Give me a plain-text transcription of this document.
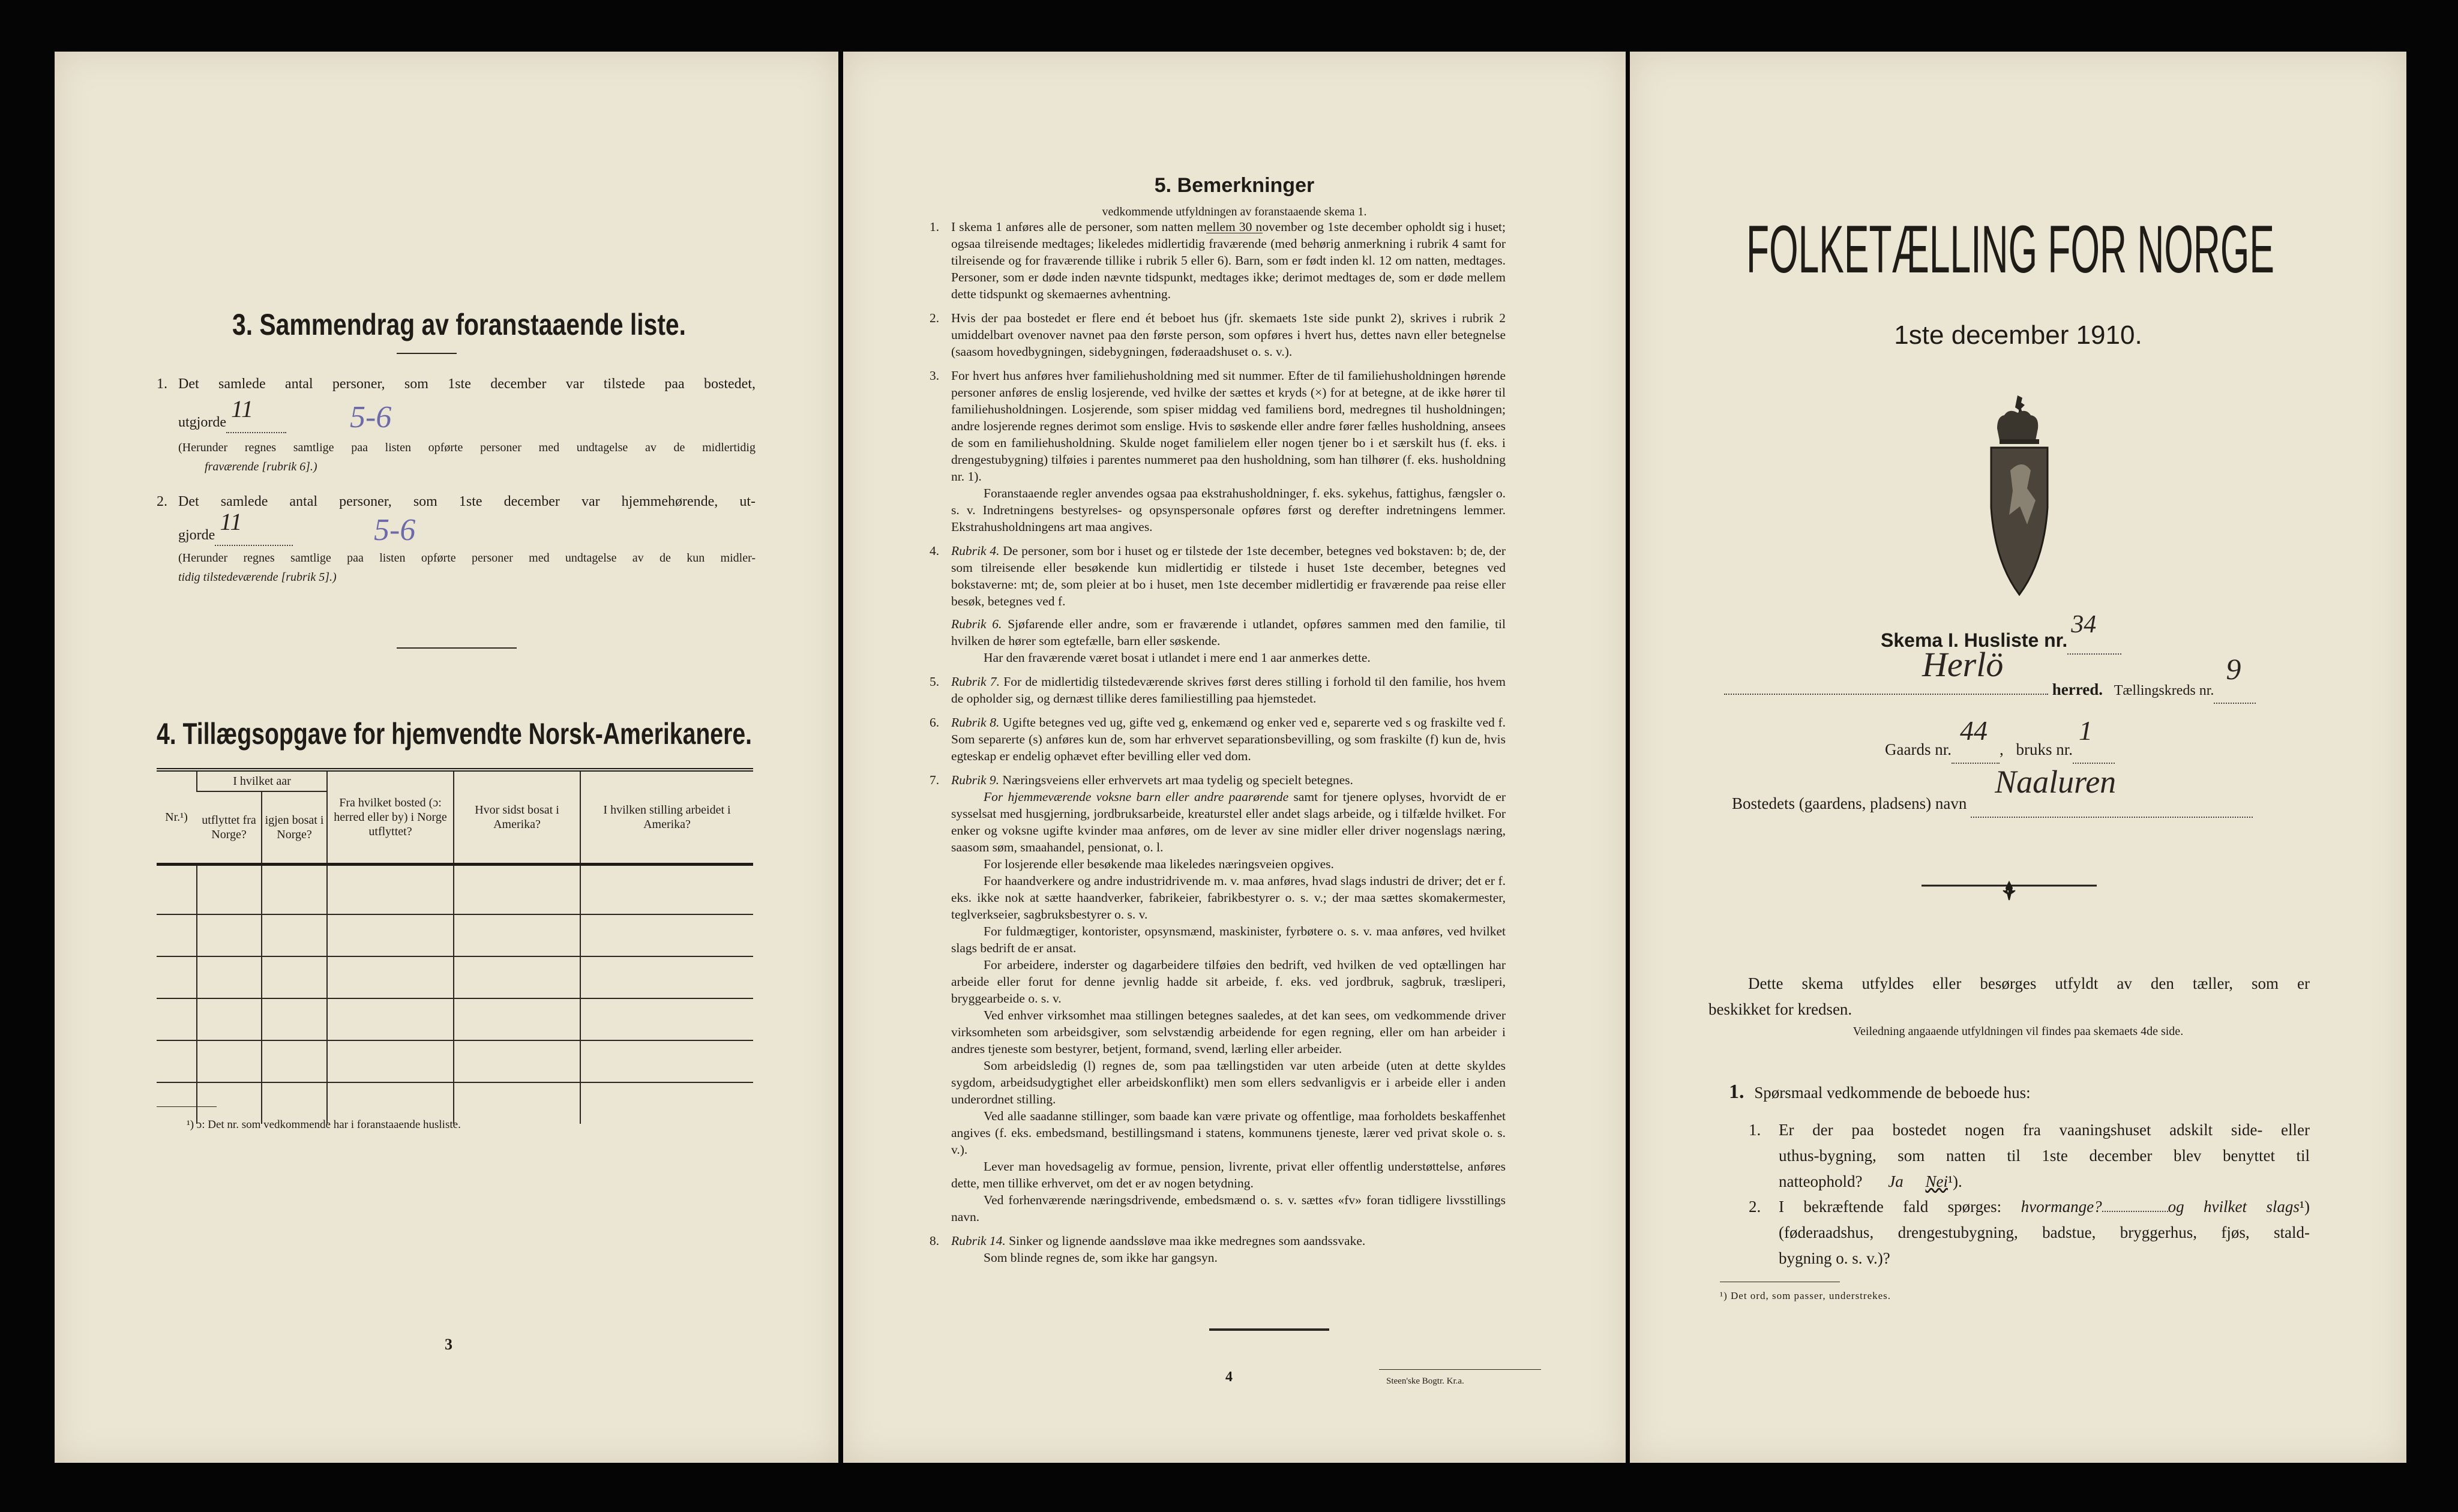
3. Sammendrag av foranstaaende liste.
1. Det samlede antal personer, som 1ste december var tilstede paa bostedet,
utgjorde 11

(Herunder regnes samtlige paa listen opførte personer med undtagelse av de midlertidig
fraværende [rubrik 6].)
5-6
2. Det samlede antal personer, som 1ste december var hjemmehørende, ut-
gjorde 11

(Herunder regnes samtlige paa listen opførte personer med undtagelse av de kun midler-
tidig tilstedeværende [rubrik 5].)
5-6
4. Tillægsopgave for hjemvendte Norsk-Amerikanere.
Nr.¹)	I hvilket aar		Fra hvilket bosted (ɔ: herred eller by) i Norge utflyttet?	Hvor sidst bosat i Amerika?	I hvilken stilling arbeidet i Amerika?
	utflyttet fra Norge?	igjen bosat i Norge?			

¹) ɔ: Det nr. som vedkommende har i foranstaaende husliste.
3
5. Bemerkninger
vedkommende utfyldningen av foranstaaende skema 1.
1. I skema 1 anføres alle de personer, som natten mellem 30 november og 1ste december opholdt sig i huset; ogsaa tilreisende medtages; likeledes midlertidig fraværende (med behørig anmerkning i rubrik 4 samt for tilreisende og for fraværende tillike i rubrik 5 eller 6). Barn, som er født inden kl. 12 om natten, medtages. Personer, som er døde inden nævnte tidspunkt, medtages ikke; derimot medtages de, som er døde mellem dette tidspunkt og skemaernes avhentning.
2. Hvis der paa bostedet er flere end ét beboet hus (jfr. skemaets 1ste side punkt 2), skrives i rubrik 2 umiddelbart ovenover navnet paa den første person, som opføres i hvert hus, dettes navn eller betegnelse (saasom hovedbygningen, sidebygningen, føderaadshuset o. s. v.).
3. For hvert hus anføres hver familiehusholdning med sit nummer. Efter de til familiehusholdningen hørende personer anføres de enslig losjerende, ved hvilke der sættes et kryds (×) for at betegne, at de ikke hører til familiehusholdningen. Losjerende, som spiser middag ved familiens bord, medregnes til husholdningen; andre losjerende regnes derimot som enslige. Hvis to søskende eller andre fører fælles husholdning, ansees de som en familiehusholdning. Skulde noget familielem eller nogen tjener bo i et særskilt hus (f. eks. i drengestubygning) tilføies i parentes nummeret paa den husholdning, som han tilhører (f. eks. husholdning nr. 1).
Foranstaaende regler anvendes ogsaa paa ekstrahusholdninger, f. eks. sykehus, fattighus, fængsler o. s. v. Indretningens bestyrelses- og opsynspersonale opføres først og derefter indretningens lemmer. Ekstrahusholdningens art maa angives.
4. Rubrik 4. De personer, som bor i huset og er tilstede der 1ste december, betegnes ved bokstaven: b; de, der som tilreisende eller besøkende kun midlertidig er tilstede i huset 1ste december, betegnes ved bokstaverne: mt; de, som pleier at bo i huset, men 1ste december midlertidig er fraværende paa reise eller besøk, betegnes ved f.
Rubrik 6. Sjøfarende eller andre, som er fraværende i utlandet, opføres sammen med den familie, til hvilken de hører som egtefælle, barn eller søskende.
Har den fraværende været bosat i utlandet i mere end 1 aar anmerkes dette.
5. Rubrik 7. For de midlertidig tilstedeværende skrives først deres stilling i forhold til den familie, hos hvem de opholder sig, og dernæst tillike deres familiestilling paa hjemstedet.
6. Rubrik 8. Ugifte betegnes ved ug, gifte ved g, enkemænd og enker ved e, separerte ved s og fraskilte ved f. Som separerte (s) anføres kun de, som har erhvervet separationsbevilling, og som fraskilte (f) kun de, hvis egteskap er endelig ophævet efter bevilling eller ved dom.
7. Rubrik 9. Næringsveiens eller erhvervets art maa tydelig og specielt betegnes.
For hjemmeværende voksne barn eller andre paarørende samt for tjenere oplyses, hvorvidt de er sysselsat med husgjerning, jordbruksarbeide, kreaturstel eller andet slags arbeide, og i tilfælde hvilket. For enker og voksne ugifte kvinder maa anføres, om de lever av sine midler eller driver nogenslags næring, saasom søm, smaahandel, pensionat, o. l.
For losjerende eller besøkende maa likeledes næringsveien opgives.
For haandverkere og andre industridrivende m. v. maa anføres, hvad slags industri de driver; det er f. eks. ikke nok at sætte haandverker, fabrikeier, fabrikbestyrer o. s. v.; der maa sættes skomakermester, teglverkseier, sagbruksbestyrer o. s. v.
For fuldmægtiger, kontorister, opsynsmænd, maskinister, fyrbøtere o. s. v. maa anføres, ved hvilket slags bedrift de er ansat.
For arbeidere, inderster og dagarbeidere tilføies den bedrift, ved hvilken de ved optællingen har arbeide eller forut for denne jevnlig hadde sit arbeide, f. eks. ved jordbruk, sagbruk, træsliperi, bryggearbeide o. s. v.
Ved enhver virksomhet maa stillingen betegnes saaledes, at det kan sees, om vedkommende driver virksomheten som arbeidsgiver, som selvstændig arbeidende for egen regning, eller om han arbeider i andres tjeneste som bestyrer, betjent, formand, svend, lærling eller arbeider.
Som arbeidsledig (l) regnes de, som paa tællingstiden var uten arbeide (uten at dette skyldes sygdom, arbeidsudygtighet eller arbeidskonflikt) men som ellers sedvanligvis er i arbeide eller i anden underordnet stilling.
Ved alle saadanne stillinger, som baade kan være private og offentlige, maa forholdets beskaffenhet angives (f. eks. embedsmand, bestillingsmand i statens, kommunens tjeneste, lærer ved privat skole o. s. v.).
Lever man hovedsagelig av formue, pension, livrente, privat eller offentlig understøttelse, anføres dette, men tillike erhvervet, om det er av nogen betydning.
Ved forhenværende næringsdrivende, embedsmænd o. s. v. sættes «fv» foran tidligere livsstillings navn.
8. Rubrik 14. Sinker og lignende aandssløve maa ikke medregnes som aandssvake.
Som blinde regnes de, som ikke har gangsyn.
4	Steen'ske Bogtr. Kr.a.
FOLKETÆLLING FOR NORGE
1ste december 1910.
Skema I. Husliste nr.
34

Herlö
herred. Tællingskreds nr.
9

Gaards nr.
44
, bruks nr.
1

Bostedets (gaardens, pladsens) navn
Naaluren

Dette skema utfyldes eller besørges utfyldt av den tæller, som er
beskikket for kredsen.
Veiledning angaaende utfyldningen vil findes paa skemaets 4de side.
1. Spørsmaal vedkommende de beboede hus:
1. Er der paa bostedet nogen fra vaaningshuset adskilt side- eller
uthus-bygning, som natten til 1ste december blev benyttet til
natteophold? Ja Nei¹).
2. I bekræftende fald spørges: hvormange?	og hvilket slags¹)
(føderaadshus, drengestubygning, badstue, bryggerhus, fjøs, stald-
bygning o. s. v.)?
¹) Det ord, som passer, understrekes.
